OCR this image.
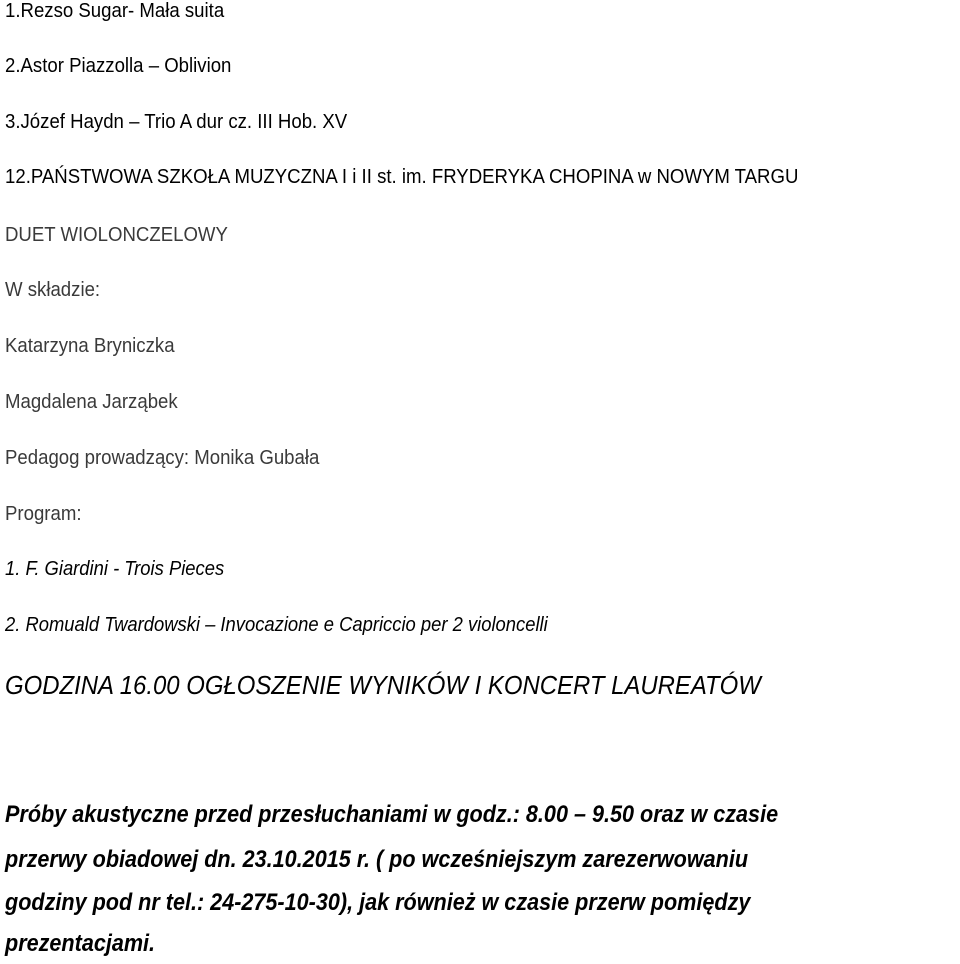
1.Rezso Sugar- Mała suita

2.Astor Piazzolla – Oblivion

3.Józef Haydn – Trio A dur cz. III Hob. XV

12.PAŃSTWOWA SZKOŁA MUZYCZNA I i II st. im. FRYDERYKA CHOPINA w NOWYM TARGU

DUET WIOLONCZELOWY

W składzie:

Katarzyna Bryniczka

Magdalena Jarząbek

Pedagog prowadzący: Monika Gubała

Program:

1. F. Giardini - Trois Pieces

2. Romuald Twardowski – Invocazione e Capriccio per 2 violoncelli

GODZINA 16.00 OGŁOSZENIE WYNIKÓW I KONCERT LAUREATÓW

Próby akustyczne przed przesłuchaniami w godz.: 8.00 – 9.50 oraz w czasie

przerwy obiadowej dn. 23.10.2015 r. ( po wcześniejszym zarezerwowaniu

godziny pod nr tel.: 24-275-10-30), jak również w czasie przerw pomiędzy

prezentacjami.
